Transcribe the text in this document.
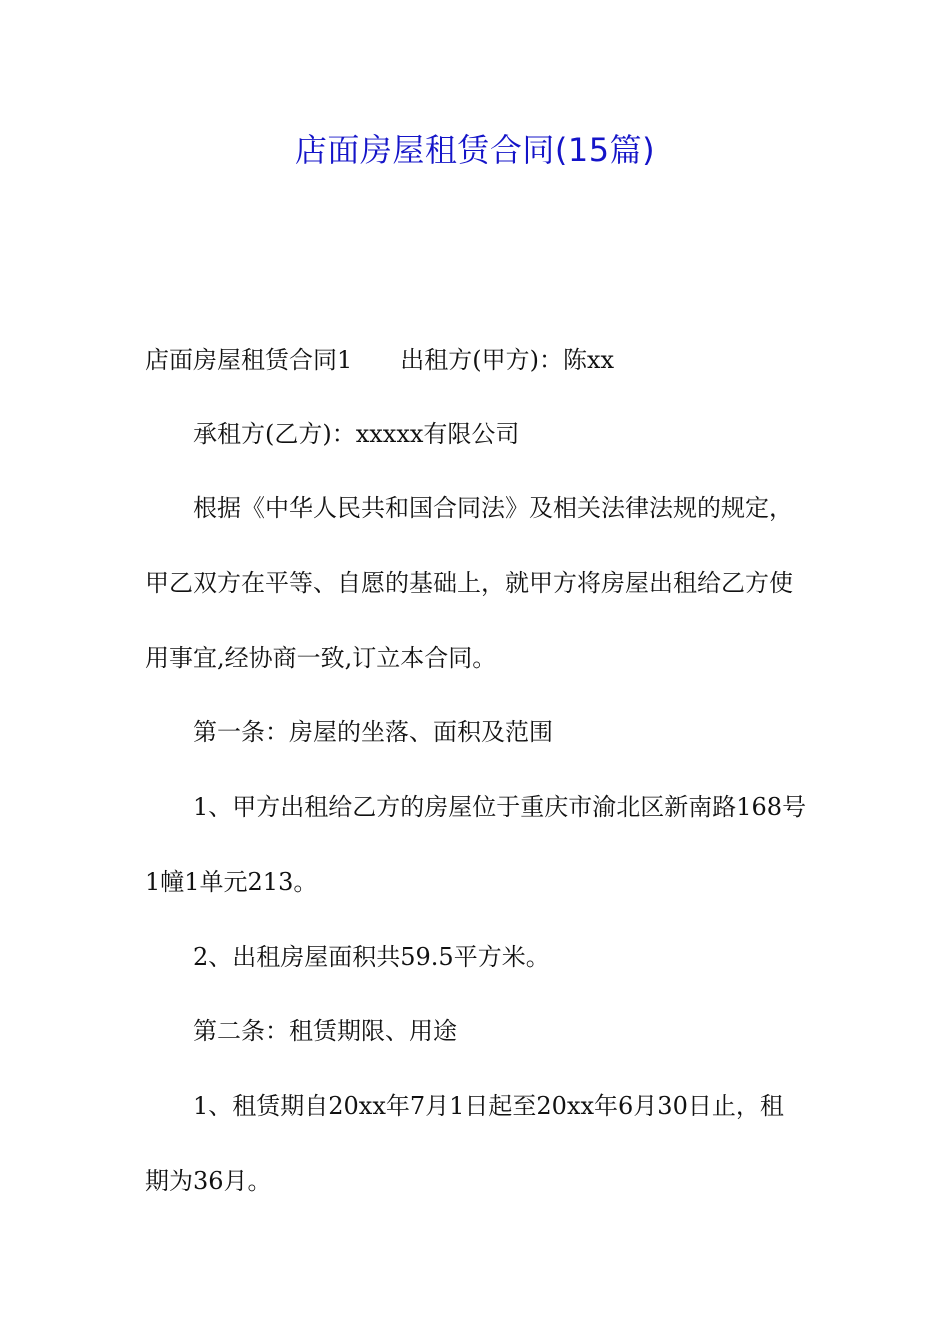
店面房屋租赁合同(15篇)
店面房屋租赁合同1 出租方(甲方)：陈xx
承租方(乙方)：xxxxx有限公司
根据《中华人民共和国合同法》及相关法律法规的规定，
甲乙双方在平等、自愿的基础上，就甲方将房屋出租给乙方使
用事宜,经协商一致,订立本合同。
第一条：房屋的坐落、面积及范围
1、甲方出租给乙方的房屋位于重庆市渝北区新南路168号
1幢1单元213。
2、出租房屋面积共59.5平方米。
第二条：租赁期限、用途
1、租赁期自20xx年7月1日起至20xx年6月30日止，租
期为36月。
